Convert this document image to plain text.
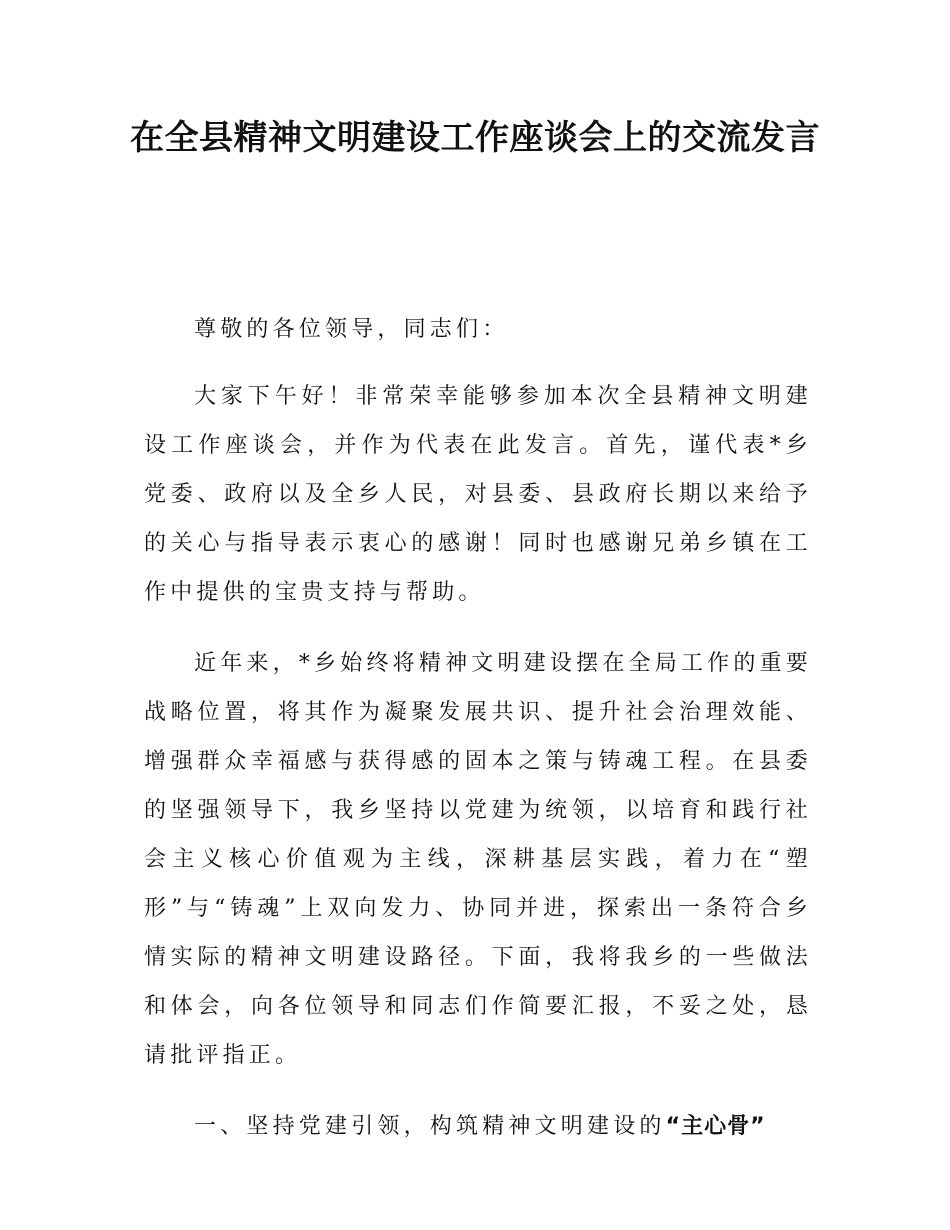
在全县精神文明建设工作座谈会上的交流发言

尊敬的各位领导，同志们：

大家下午好！非常荣幸能够参加本次全县精神文明建设工作座谈会，并作为代表在此发言。首先，谨代表*乡党委、政府以及全乡人民，对县委、县政府长期以来给予的关心与指导表示衷心的感谢！同时也感谢兄弟乡镇在工作中提供的宝贵支持与帮助。

近年来，*乡始终将精神文明建设摆在全局工作的重要战略位置，将其作为凝聚发展共识、提升社会治理效能、增强群众幸福感与获得感的固本之策与铸魂工程。在县委的坚强领导下，我乡坚持以党建为统领，以培育和践行社会主义核心价值观为主线，深耕基层实践，着力在“塑形”与“铸魂”上双向发力、协同并进，探索出一条符合乡情实际的精神文明建设路径。下面，我将我乡的一些做法和体会，向各位领导和同志们作简要汇报，不妥之处，恳请批评指正。

一、坚持党建引领，构筑精神文明建设的“主心骨”
